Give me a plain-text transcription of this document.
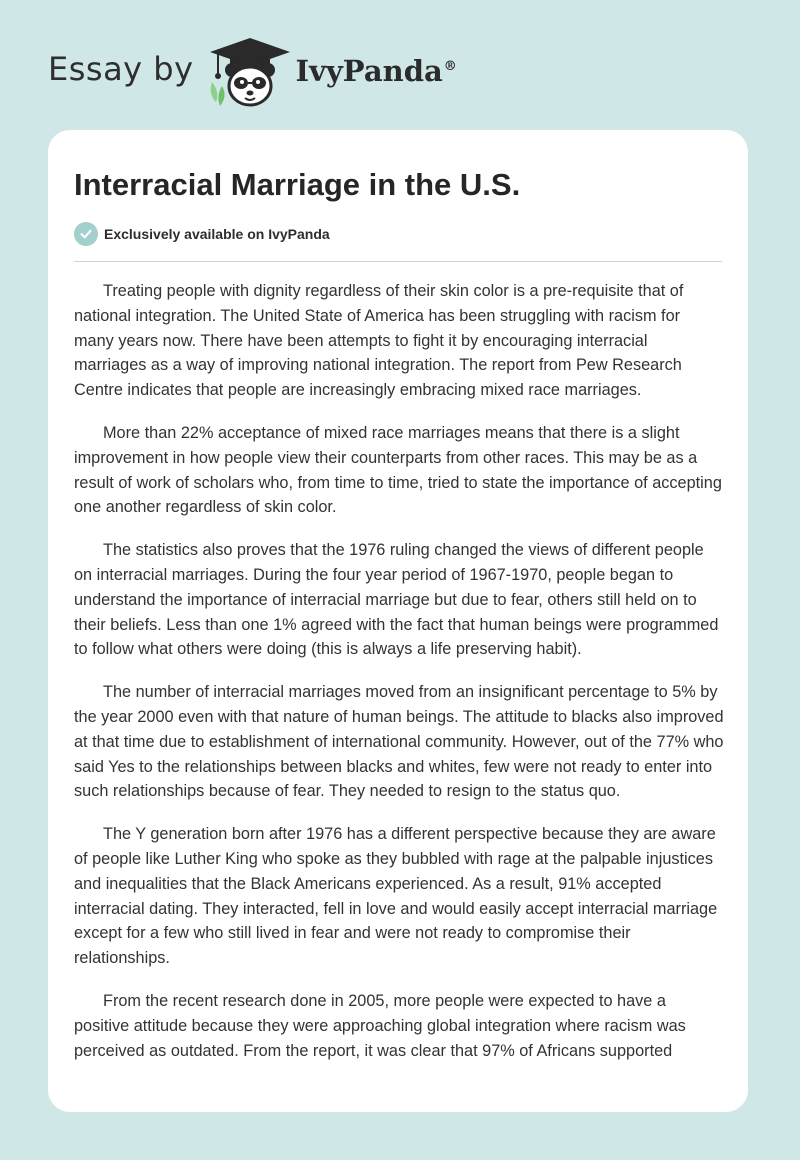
Essay by	IvyPanda®
Interracial Marriage in the U.S.
Exclusively available on IvyPanda

Treating people with dignity regardless of their skin color is a pre-requisite that of national integration. The United State of America has been struggling with racism for many years now. There have been attempts to fight it by encouraging interracial marriages as a way of improving national integration. The report from Pew Research Centre indicates that people are increasingly embracing mixed race marriages.

More than 22% acceptance of mixed race marriages means that there is a slight improvement in how people view their counterparts from other races. This may be as a result of work of scholars who, from time to time, tried to state the importance of accepting one another regardless of skin color.

The statistics also proves that the 1976 ruling changed the views of different people on interracial marriages. During the four year period of 1967-1970, people began to understand the importance of interracial marriage but due to fear, others still held on to their beliefs. Less than one 1% agreed with the fact that human beings were programmed to follow what others were doing (this is always a life preserving habit).

The number of interracial marriages moved from an insignificant percentage to 5% by the year 2000 even with that nature of human beings. The attitude to blacks also improved at that time due to establishment of international community. However, out of the 77% who said Yes to the relationships between blacks and whites, few were not ready to enter into such relationships because of fear. They needed to resign to the status quo.

The Y generation born after 1976 has a different perspective because they are aware of people like Luther King who spoke as they bubbled with rage at the palpable injustices and inequalities that the Black Americans experienced. As a result, 91% accepted interracial dating. They interacted, fell in love and would easily accept interracial marriage except for a few who still lived in fear and were not ready to compromise their relationships.

From the recent research done in 2005, more people were expected to have a positive attitude because they were approaching global integration where racism was perceived as outdated. From the report, it was clear that 97% of Africans supported
